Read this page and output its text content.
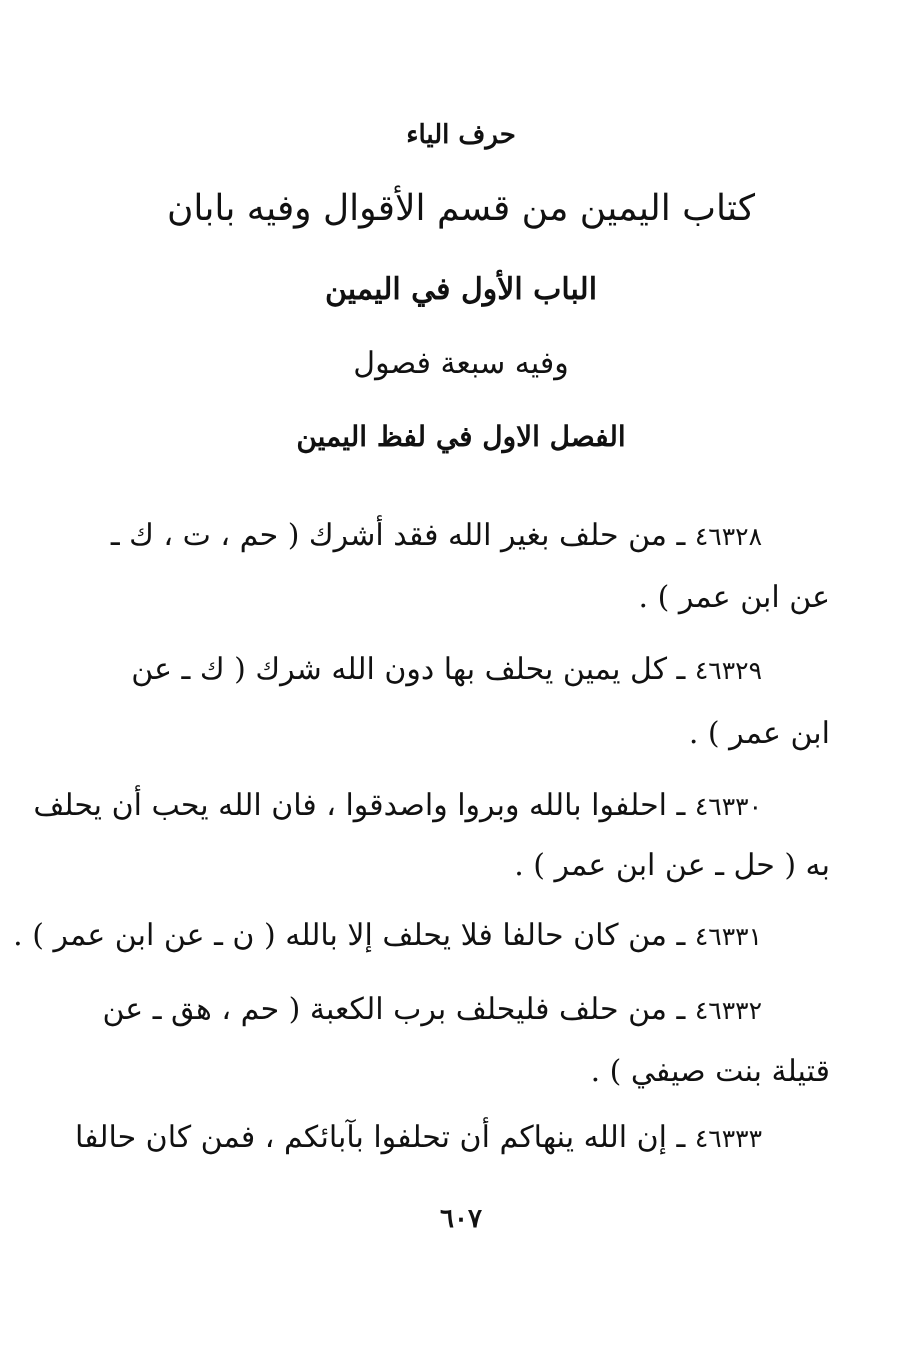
حرف الياء
كتاب اليمين من قسم الأقوال وفيه بابان
الباب الأول في اليمين
وفيه سبعة فصول
الفصل الاول في لفظ اليمين
٤٦٣٢٨ ـ من حلف بغير الله فقد أشرك ( حم ، ت ، ك ـ
عن ابن عمر ) .
٤٦٣٢٩ ـ كل يمين يحلف بها دون الله شرك ( ك ـ عن
ابن عمر ) .
٤٦٣٣٠ ـ احلفوا بالله وبروا واصدقوا ، فان الله يحب أن يحلف
به ( حل ـ عن ابن عمر ) .
٤٦٣٣١ ـ من كان حالفا فلا يحلف إلا بالله ( ن ـ عن ابن عمر ) .
٤٦٣٣٢ ـ من حلف فليحلف برب الكعبة ( حم ، هق ـ عن
قتيلة بنت صيفي ) .
٤٦٣٣٣ ـ إن الله ينهاكم أن تحلفوا بآبائكم ، فمن كان حالفا
٦٠٧
